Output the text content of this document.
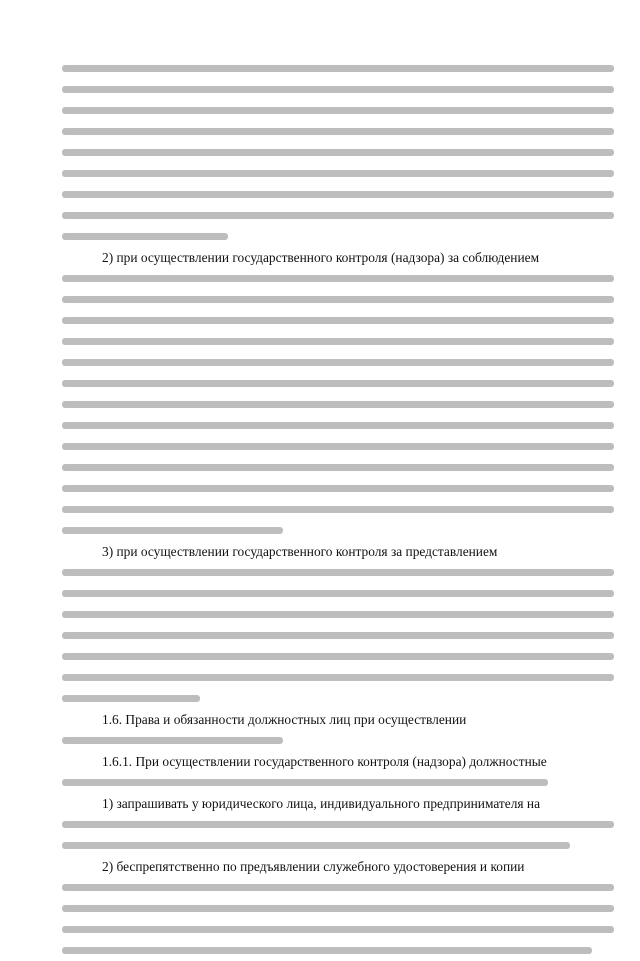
2) при осуществлении государственного контроля (надзора) за соблюдением
3) при осуществлении государственного контроля за представлением
1.6. Права и обязанности должностных лиц при осуществлении
1.6.1. При осуществлении государственного контроля (надзора) должностные
1) запрашивать у юридического лица, индивидуального предпринимателя на
2) беспрепятственно по предъявлении служебного удостоверения и копии
